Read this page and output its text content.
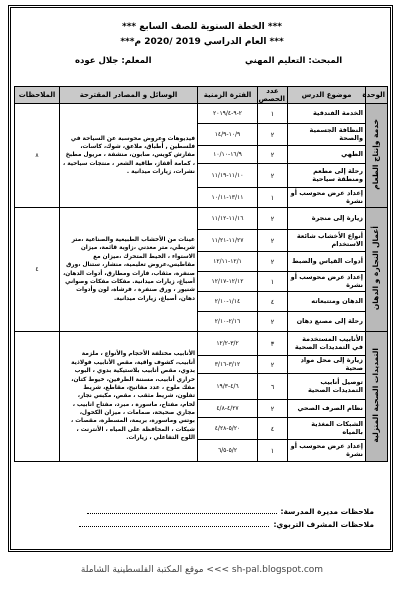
*** الخطة السنوية للصف السابع ***
*** العام الدراسي 2019 /2020 م***
المبحث: التعليم المهني
المعلم: جلال عوده
الوحدة	موضوع الدرس	عدد الحصص	الفترة الزمنية	الوسائل و المصادر المقترحة	الملاحظات
خدمة وإنتاج الطعام	الخدمة الفندقية	١	٢-٩-٢٠١٩/٤	فيديوهات وعروض محوسبة عن السياحة في فلسطين , أطباق، ملاعق، شوك، كاسات، مفارش كويس، صابون، منشفة ، مريول مطبخ ، كمامة أقفاز، طاقية الشعر ، منتجات سياحية ، نشرات، زيارات ميدانية .	٨
	النظافة الجسمية والصحة	٢	١٠/٩-١٤/٩		
	الطهي	٢	١٦/٩-١٠/١٠		
	رحلة إلى مطعم ومنطقة سياحية	٢	١١/١٠-١١/١٩		
	إعداد عرض محوسب أو نشرة	١	١٣/١١-١٠/١١		
أعمال النجارة و الدهان	زيارة إلى منجرة	٢	١١/١٦-١١/١٢	عينات من الأخشاب الطبيعية والصناعية ،متر شريطي، متر معدني ،زاوية قائمة، ميزان الاستواء ، الخيط المتحرك ،ميزان مع مقاطيس،عروض تعليمية، منشار، ستنال ،ورق صنفرة، مثقاب، فارات ومطارق، أدوات الدهان، أصباغ، زيارات ميدانية. مفكات مفكات وصواني شنيور ، ورق صنفرة ، فرشاة، لون وأدوات دهان، أصباغ، زيارات ميدانية.	٤
	أنواع الأخشاب شائعة الاستخدام	٢	١١/٢٧-١١/٢١		
	أدوات القياس والضبط	٢	١٢/١-١٢/١١		
	إعداد عرض محوسب أو نشرة	١	١٢/١٢-١٢/١٧		
	الدهان ومتتبعاته	٤	١/١٤-٢/١٠		
	رحلة إلى مصنع دهان	٢	٢/١٦-٢/١٠		
التمديدات الصحية المنزلية	الأنابيب المستخدمة في التمديدات الصحية	٣	٣/٢-١٢/٢	الأنابيب مختلفة الأحجام والأنواع ، ملزمة أنابيب، كشوف واقية، مقص الأنابيب فولاذية بدوي، مقص أنابيب بلاستيكية بدوي ، البوب حراري أنابيب، مسننة الطرفين، خيوط كتان، مفك ملوخ ، عدد مفاتيح، مقاطع، شريط تفلون، شريط مثقب ، مقص، مكبس نجار، لحام، مفتاح، ماسورة ، مبرد، مفتاح انابيب ، مجاري صحيحة، صمامات ، ميزان الكحول، بوتس وماسورة، بريمة، المسطرة، مقصات ، شبكات ، المحافظة على المياه ، الأنترنت ، اللوح التفاعلي ، زيارات.	
	زيارة إلى محل مواد صحية	٢	٣/١٢-٣/١٦		
	توصيل أنابيب التمديدات الصحية	٦	٤/٦-١٩/٣		
	نظام الصرف الصحي	٢	٤/٢٧-٤/٨		
	الشبكات المغذية بالمياه	٤	٥/٢٠-٤/٢٨		
	إعداد عرض محوسب أو نشرة	١	٥/٢-٦/٥		
ملاحظات مديرة المدرسة:
ملاحظات المشرف التربوي:
موقع المكتبة الفلسطينية الشاملة <<< sh-pal.blogspot.com
